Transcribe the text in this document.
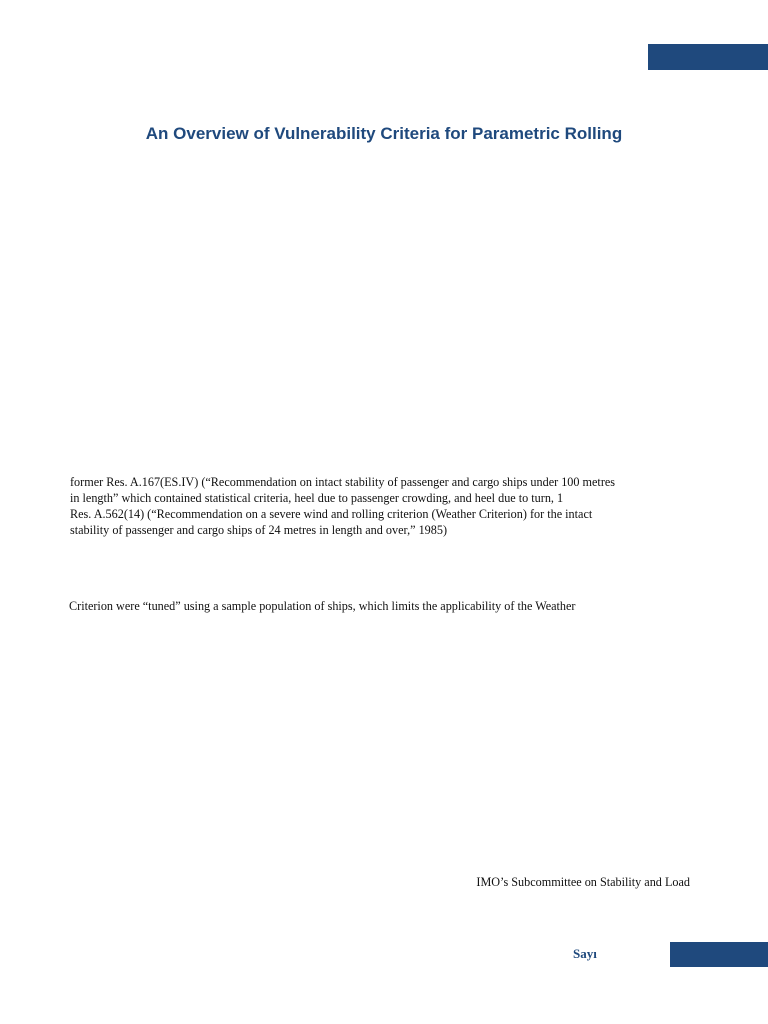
An Overview of Vulnerability Criteria for Parametric Rolling

former Res. A.167(ES.IV) (“Recommendation on intact stability of passenger and cargo ships under 100 metres
in length” which contained statistical criteria, heel due to passenger crowding, and heel due to turn, 1
Res. A.562(14) (“Recommendation on a severe wind and rolling criterion (Weather Criterion) for the intact
stability of passenger and cargo ships of 24 metres in length and over,” 1985)

Criterion were “tuned” using a sample population of ships, which limits the applicability of the Weather

IMO’s Subcommittee on Stability and Load

Sayı
